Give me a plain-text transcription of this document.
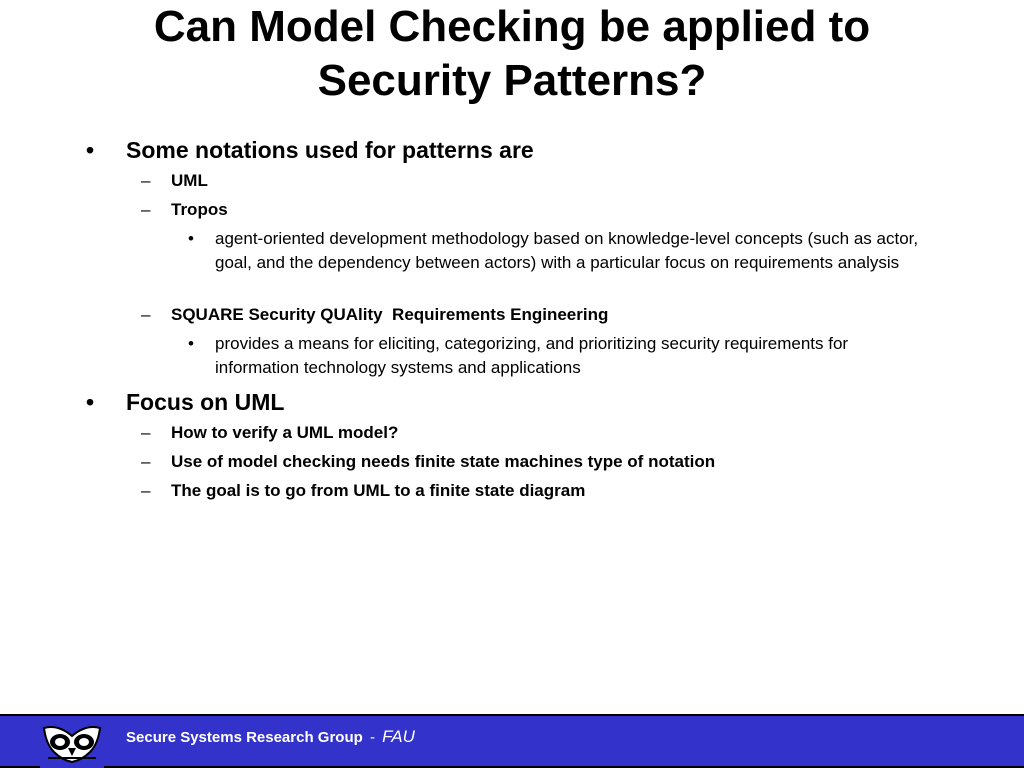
Can Model Checking be applied to
Security Patterns?
• Some notations used for patterns are
– UML
– Tropos
• agent-oriented development methodology based on knowledge-level concepts (such as actor, goal, and the dependency between actors) with a particular focus on requirements analysis
– SQUARE Security QUAlity  Requirements Engineering
• provides a means for eliciting, categorizing, and prioritizing security requirements for information technology systems and applications
• Focus on UML
– How to verify a UML model?
– Use of model checking needs finite state machines type of notation
– The goal is to go from UML to a finite state diagram
Secure Systems Research Group - FAU
